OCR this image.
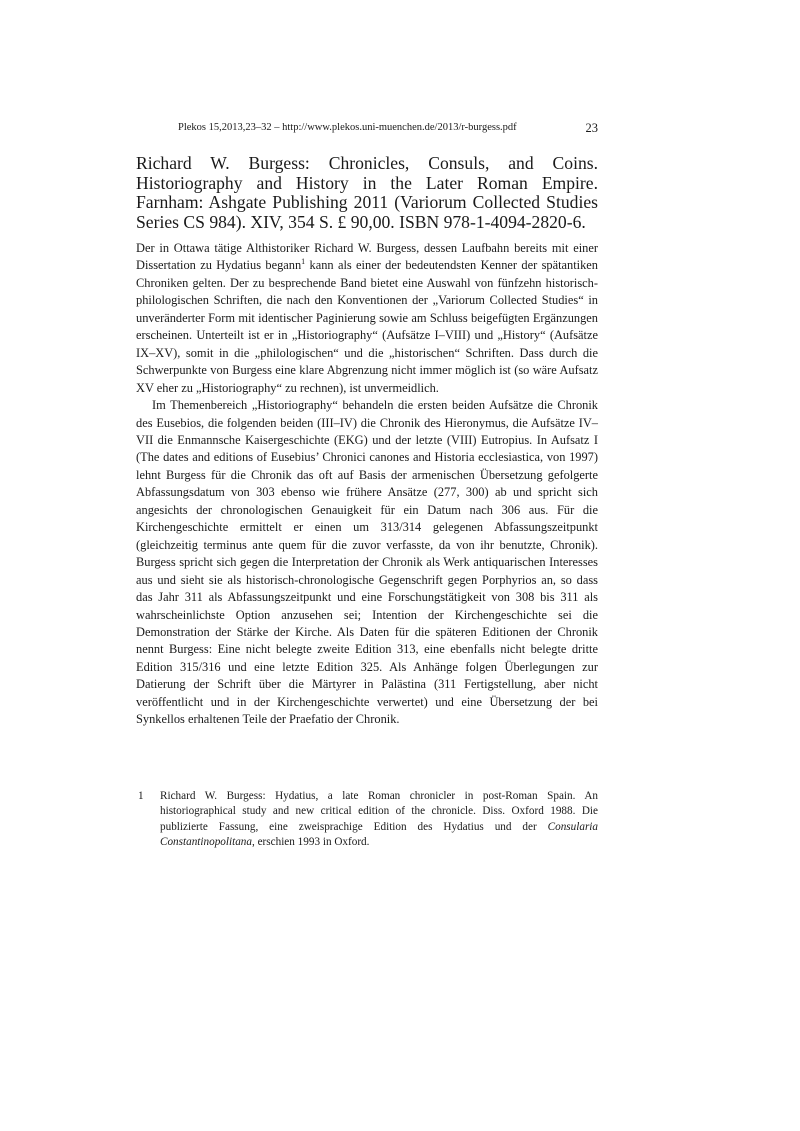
Plekos 15,2013,23–32 – http://www.plekos.uni-muenchen.de/2013/r-burgess.pdf	23
Richard W. Burgess: Chronicles, Consuls, and Coins. Historiography and History in the Later Roman Empire. Farnham: Ashgate Publishing 2011 (Variorum Collected Studies Series CS 984). XIV, 354 S. £ 90,00. ISBN 978-1-4094-2820-6.

Der in Ottawa tätige Althistoriker Richard W. Burgess, dessen Laufbahn bereits mit einer Dissertation zu Hydatius begann$^1$ kann als einer der bedeutendsten Kenner der spätantiken Chroniken gelten. Der zu besprechende Band bietet eine Auswahl von fünfzehn historisch-philologischen Schriften, die nach den Konventionen der „Variorum Collected Studies“ in unveränderter Form mit identischer Paginierung sowie am Schluss beigefügten Ergänzungen erscheinen. Unterteilt ist er in „Historiography“ (Aufsätze I–VIII) und „History“ (Aufsätze IX–XV), somit in die „philologischen“ und die „historischen“ Schriften. Dass durch die Schwerpunkte von Burgess eine klare Abgrenzung nicht immer möglich ist (so wäre Aufsatz XV eher zu „Historiography“ zu rechnen), ist unvermeidlich.

Im Themenbereich „Historiography“ behandeln die ersten beiden Aufsätze die Chronik des Eusebios, die folgenden beiden (III–IV) die Chronik des Hieronymus, die Aufsätze IV–VII die Enmannsche Kaisergeschichte (EKG) und der letzte (VIII) Eutropius. In Aufsatz I (The dates and editions of Eusebius’ Chronici canones and Historia ecclesiastica, von 1997) lehnt Burgess für die Chronik das oft auf Basis der armenischen Übersetzung gefolgerte Abfassungsdatum von 303 ebenso wie frühere Ansätze (277, 300) ab und spricht sich angesichts der chronologischen Genauigkeit für ein Datum nach 306 aus. Für die Kirchengeschichte ermittelt er einen um 313/314 gelegenen Abfassungszeitpunkt (gleichzeitig terminus ante quem für die zuvor verfasste, da von ihr benutzte, Chronik). Burgess spricht sich gegen die Interpretation der Chronik als Werk antiquarischen Interesses aus und sieht sie als historisch-chronologische Gegenschrift gegen Porphyrios an, so dass das Jahr 311 als Abfassungszeitpunkt und eine Forschungstätigkeit von 308 bis 311 als wahrscheinlichste Option anzusehen sei; Intention der Kirchengeschichte sei die Demonstration der Stärke der Kirche. Als Daten für die späteren Editionen der Chronik nennt Burgess: Eine nicht belegte zweite Edition 313, eine ebenfalls nicht belegte dritte Edition 315/316 und eine letzte Edition 325. Als Anhänge folgen Überlegungen zur Datierung der Schrift über die Märtyrer in Palästina (311 Fertigstellung, aber nicht veröffentlicht und in der Kirchengeschichte verwertet) und eine Übersetzung der bei Synkellos erhaltenen Teile der Praefatio der Chronik.

1	Richard W. Burgess: Hydatius, a late Roman chronicler in post-Roman Spain. An historiographical study and new critical edition of the chronicle. Diss. Oxford 1988. Die publizierte Fassung, eine zweisprachige Edition des Hydatius und der Consularia Constantinopolitana, erschien 1993 in Oxford.
